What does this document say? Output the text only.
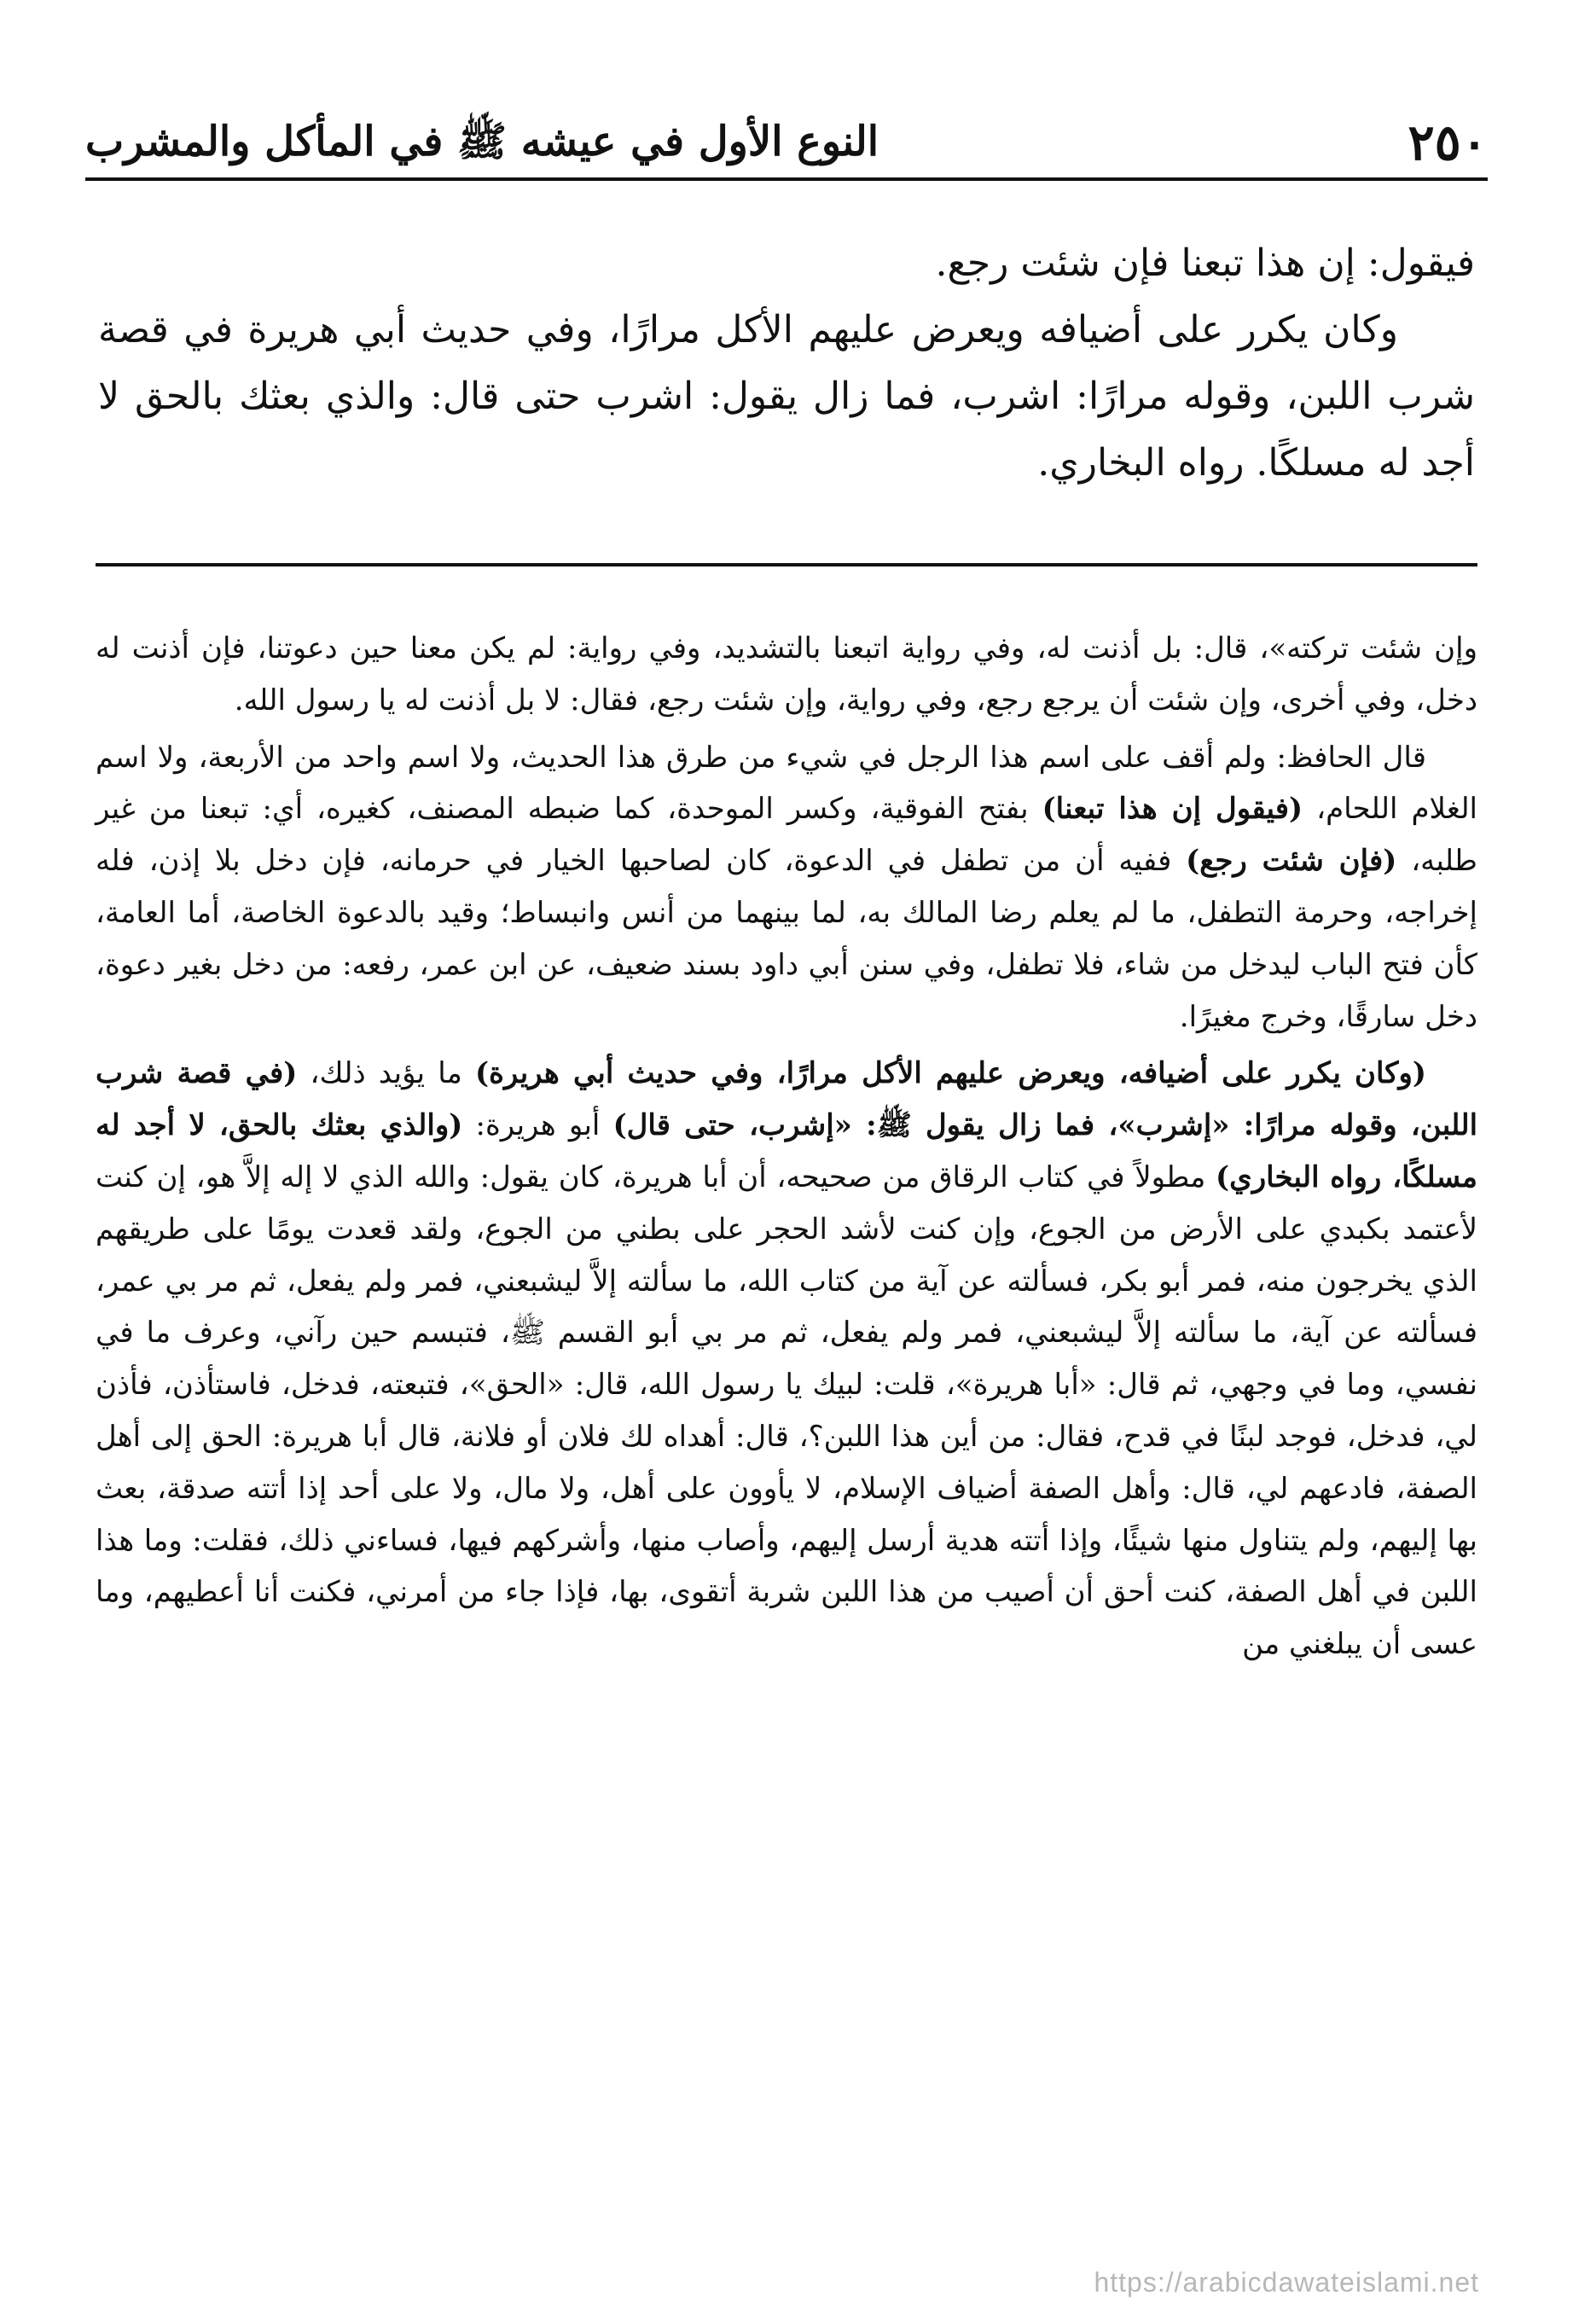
٢٥٠
النوع الأول في عيشه ﷺ في المأكل والمشرب

فيقول: إن هذا تبعنا فإن شئت رجع.

وكان يكرر على أضيافه ويعرض عليهم الأكل مرارًا، وفي حديث أبي هريرة في قصة شرب اللبن، وقوله مرارًا: اشرب، فما زال يقول: اشرب حتى قال: والذي بعثك بالحق لا أجد له مسلكًا. رواه البخاري.

وإن شئت تركته»، قال: بل أذنت له، وفي رواية اتبعنا بالتشديد، وفي رواية: لم يكن معنا حين دعوتنا، فإن أذنت له دخل، وفي أخرى، وإن شئت أن يرجع رجع، وفي رواية، وإن شئت رجع، فقال: لا بل أذنت له يا رسول الله.

قال الحافظ: ولم أقف على اسم هذا الرجل في شيء من طرق هذا الحديث، ولا اسم واحد من الأربعة، ولا اسم الغلام اللحام، (فيقول إن هذا تبعنا) بفتح الفوقية، وكسر الموحدة، كما ضبطه المصنف، كغيره، أي: تبعنا من غير طلبه، (فإن شئت رجع) ففيه أن من تطفل في الدعوة، كان لصاحبها الخيار في حرمانه، فإن دخل بلا إذن، فله إخراجه، وحرمة التطفل، ما لم يعلم رضا المالك به، لما بينهما من أنس وانبساط؛ وقيد بالدعوة الخاصة، أما العامة، كأن فتح الباب ليدخل من شاء، فلا تطفل، وفي سنن أبي داود بسند ضعيف، عن ابن عمر، رفعه: من دخل بغير دعوة، دخل سارقًا، وخرج مغيرًا.

(وكان يكرر على أضيافه، ويعرض عليهم الأكل مرارًا، وفي حديث أبي هريرة) ما يؤيد ذلك، (في قصة شرب اللبن، وقوله مرارًا: «إشرب»، فما زال يقول ﷺ: «إشرب، حتى قال) أبو هريرة: (والذي بعثك بالحق، لا أجد له مسلكًا، رواه البخاري) مطولاً في كتاب الرقاق من صحيحه، أن أبا هريرة، كان يقول: والله الذي لا إله إلاَّ هو، إن كنت لأعتمد بكبدي على الأرض من الجوع، وإن كنت لأشد الحجر على بطني من الجوع، ولقد قعدت يومًا على طريقهم الذي يخرجون منه، فمر أبو بكر، فسألته عن آية من كتاب الله، ما سألته إلاَّ ليشبعني، فمر ولم يفعل، ثم مر بي عمر، فسألته عن آية، ما سألته إلاَّ ليشبعني، فمر ولم يفعل، ثم مر بي أبو القسم ﷺ، فتبسم حين رآني، وعرف ما في نفسي، وما في وجهي، ثم قال: «أبا هريرة»، قلت: لبيك يا رسول الله، قال: «الحق»، فتبعته، فدخل، فاستأذن، فأذن لي، فدخل، فوجد لبنًا في قدح، فقال: من أين هذا اللبن؟، قال: أهداه لك فلان أو فلانة، قال أبا هريرة: الحق إلى أهل الصفة، فادعهم لي، قال: وأهل الصفة أضياف الإسلام، لا يأوون على أهل، ولا مال، ولا على أحد إذا أتته صدقة، بعث بها إليهم، ولم يتناول منها شيئًا، وإذا أتته هدية أرسل إليهم، وأصاب منها، وأشركهم فيها، فساءني ذلك، فقلت: وما هذا اللبن في أهل الصفة، كنت أحق أن أصيب من هذا اللبن شربة أتقوى، بها، فإذا جاء من أمرني، فكنت أنا أعطيهم، وما عسى أن يبلغني من

https://arabicdawateislami.net
